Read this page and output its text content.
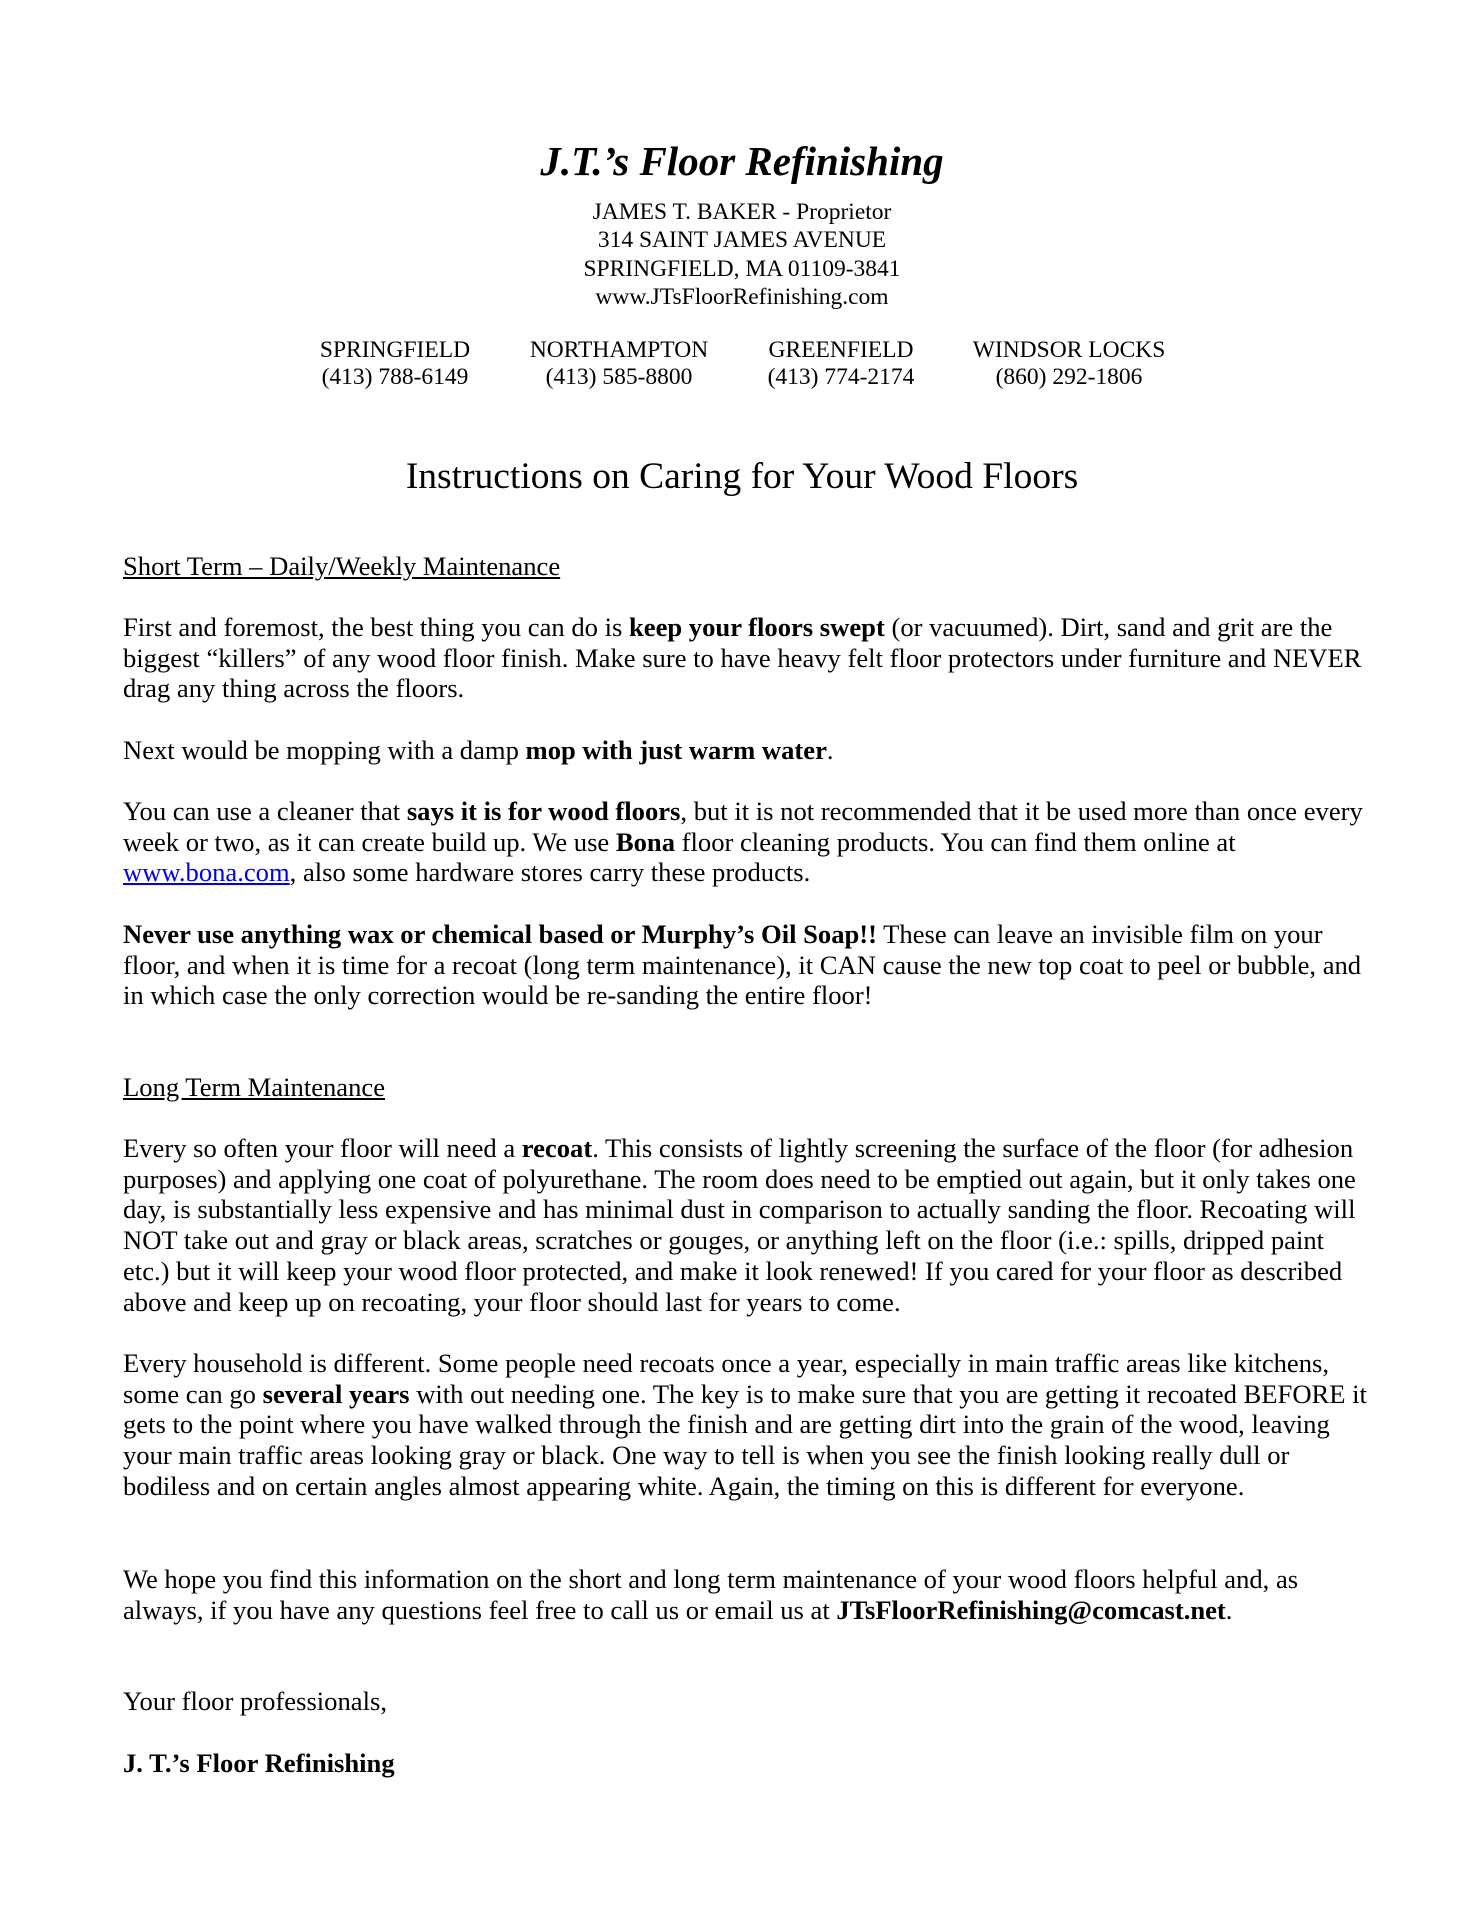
J.T.’s Floor Refinishing
JAMES T. BAKER - Proprietor
314 SAINT JAMES AVENUE
SPRINGFIELD, MA 01109-3841
www.JTsFloorRefinishing.com
SPRINGFIELD
(413) 788-6149
NORTHAMPTON
(413) 585-8800
GREENFIELD
(413) 774-2174
WINDSOR LOCKS
(860) 292-1806
Instructions on Caring for Your Wood Floors
Short Term – Daily/Weekly Maintenance
First and foremost, the best thing you can do is keep your floors swept (or vacuumed). Dirt, sand and grit are the biggest “killers” of any wood floor finish. Make sure to have heavy felt floor protectors under furniture and NEVER drag any thing across the floors.
Next would be mopping with a damp mop with just warm water.
You can use a cleaner that says it is for wood floors, but it is not recommended that it be used more than once every week or two, as it can create build up. We use Bona floor cleaning products. You can find them online at www.bona.com, also some hardware stores carry these products.
Never use anything wax or chemical based or Murphy’s Oil Soap!! These can leave an invisible film on your floor, and when it is time for a recoat (long term maintenance), it CAN cause the new top coat to peel or bubble, and in which case the only correction would be re-sanding the entire floor!
Long Term Maintenance
Every so often your floor will need a recoat. This consists of lightly screening the surface of the floor (for adhesion purposes) and applying one coat of polyurethane. The room does need to be emptied out again, but it only takes one day, is substantially less expensive and has minimal dust in comparison to actually sanding the floor. Recoating will NOT take out and gray or black areas, scratches or gouges, or anything left on the floor (i.e.: spills, dripped paint etc.) but it will keep your wood floor protected, and make it look renewed! If you cared for your floor as described above and keep up on recoating, your floor should last for years to come.
Every household is different. Some people need recoats once a year, especially in main traffic areas like kitchens, some can go several years with out needing one. The key is to make sure that you are getting it recoated BEFORE it gets to the point where you have walked through the finish and are getting dirt into the grain of the wood, leaving your main traffic areas looking gray or black. One way to tell is when you see the finish looking really dull or bodiless and on certain angles almost appearing white. Again, the timing on this is different for everyone.
We hope you find this information on the short and long term maintenance of your wood floors helpful and, as always, if you have any questions feel free to call us or email us at JTsFloorRefinishing@comcast.net.
Your floor professionals,
J. T.’s Floor Refinishing
